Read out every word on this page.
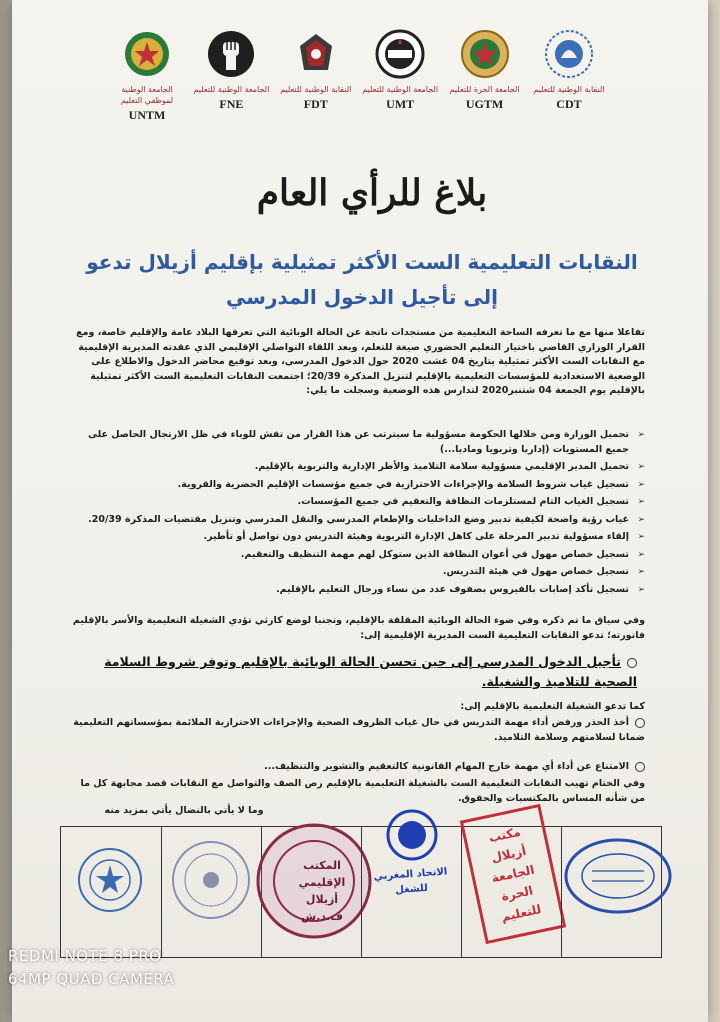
النقابة الوطنية للتعليم
CDT
الجامعة الحرة للتعليم
UGTM
الجامعة الوطنية للتعليم
UMT
النقابة الوطنية للتعليم
FDT
الجامعة الوطنية للتعليم
FNE
الجامعة الوطنية لموظفي التعليم
UNTM
بلاغ للرأي العام
النقابات التعليمية الست الأكثر تمثيلية بإقليم أزيلال تدعو
إلى تأجيل الدخول المدرسي
تفاعلا منها مع ما تعرفه الساحة التعليمية من مستجدات ناتجة عن الحالة الوبائية التي تعرفها البلاد عامة والإقليم خاصة، ومع القرار الوزاري القاضي باختيار التعليم الحضوري صيغة للتعلم، وبعد اللقاء التواصلي الإقليمي الذي عقدته المديرية الإقليمية مع النقابات الست الأكثر تمثيلية بتاريخ 04 غشت 2020 حول الدخول المدرسي، وبعد توقيع محاضر الدخول والاطلاع على الوضعية الاستعدادية للمؤسسات التعليمية بالإقليم لتنزيل المذكرة 20/39؛ اجتمعت النقابات التعليمية الست الأكثر تمثيلية بالإقليم يوم الجمعة 04 شتنبر2020 لتدارس هذه الوضعية وسجلت ما يلي:
➢ تحميل الوزارة ومن خلالها الحكومة مسؤولية ما سيترتب عن هذا القرار من تفش للوباء في ظل الارتجال الحاصل على جميع المستويات (إداريا وتربويا وماديا...)
➢ تحميل المدير الإقليمي مسؤولية سلامة التلاميذ والأطر الإدارية والتربوية بالإقليم.
➢ تسجيل غياب شروط السلامة والإجراءات الاحترازية في جميع مؤسسات الإقليم الحضرية والقروية.
➢ تسجيل الغياب التام لمستلزمات النظافة والتعقيم في جميع المؤسسات.
➢ غياب رؤية واضحة لكيفية تدبير وضع الداخليات والإطعام المدرسي والنقل المدرسي وتنزيل مقتضيات المذكرة 20/39.
➢ إلقاء مسؤولية تدبير المرحلة على كاهل الإدارة التربوية وهيئة التدريس دون تواصل أو تأطير.
➢ تسجيل خصاص مهول في أعوان النظافة الذين ستوكل لهم مهمة التنظيف والتعقيم.
➢ تسجيل خصاص مهول في هيئة التدريس.
➢ تسجيل تأكد إصابات بالفيروس بصفوف عدد من نساء ورجال التعليم بالإقليم.
وفي سياق ما تم ذكره وفي ضوء الحالة الوبائية المقلقة بالإقليم، وتجنبا لوضع كارثي تؤدي الشغيلة التعليمية والأسر بالإقليم فاتورته؛ تدعو النقابات التعليمية الست المديرية الإقليمية إلى:
تأجيل الدخول المدرسي إلى حين تحسن الحالة الوبائية بالإقليم وتوفر شروط السلامة الصحية للتلاميذ والشغيلة.
كما تدعو الشغيلة التعليمية بالإقليم إلى:
أخذ الحذر ورفض أداء مهمة التدريس في حال غياب الظروف الصحية والإجراءات الاحترازية الملائمة بمؤسساتهم التعليمية ضمانا لسلامتهم وسلامة التلاميذ.
الامتناع عن أداء أي مهمة خارج المهام القانونية كالتعقيم والتشوير والتنظيف...
وفي الختام تهيب النقابات التعليمية الست بالشغيلة التعليمية بالإقليم رص الصف والتواصل مع النقابات قصد مجابهة كل ما من شأنه المساس بالمكتسبات والحقوق.
وما لا يأتي بالنضال يأتي بمزيد منه
المكتب الإقليمي
أزيلال
ف.د.ش
الاتحاد المغربي للشغل
مكتب أزيلال الجامعة الحرة للتعليم
REDMI NOTE 8 PRO
64MP QUAD CAMERA
